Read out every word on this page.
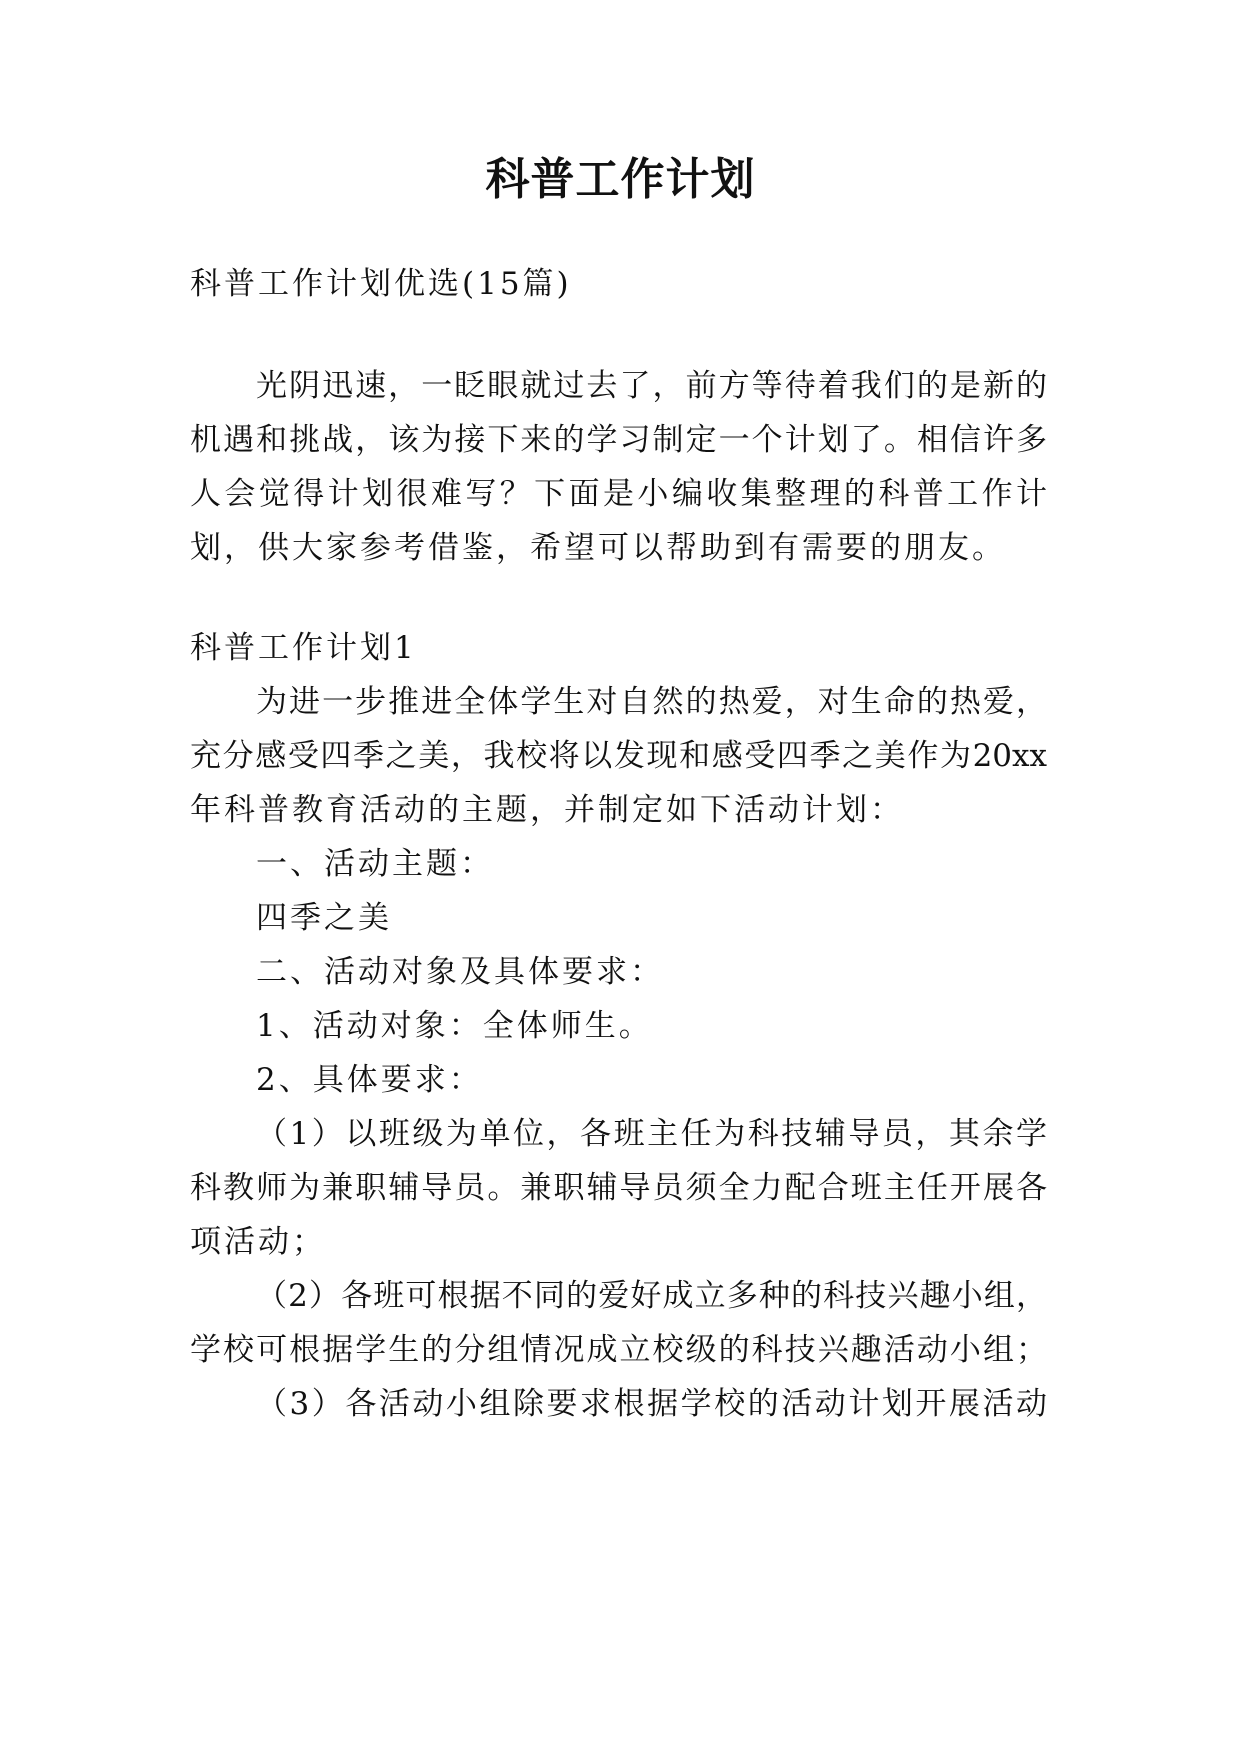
科普工作计划
科普工作计划优选(15篇)
光阴迅速，一眨眼就过去了，前方等待着我们的是新的
机遇和挑战，该为接下来的学习制定一个计划了。相信许多
人会觉得计划很难写？下面是小编收集整理的科普工作计
划，供大家参考借鉴，希望可以帮助到有需要的朋友。
科普工作计划1
为进一步推进全体学生对自然的热爱，对生命的热爱，
充分感受四季之美，我校将以发现和感受四季之美作为20xx
年科普教育活动的主题，并制定如下活动计划：
一、活动主题：
四季之美
二、活动对象及具体要求：
1、活动对象：全体师生。
2、具体要求：
（1）以班级为单位，各班主任为科技辅导员，其余学
科教师为兼职辅导员。兼职辅导员须全力配合班主任开展各
项活动；
（2）各班可根据不同的爱好成立多种的科技兴趣小组，
学校可根据学生的分组情况成立校级的科技兴趣活动小组；
（3）各活动小组除要求根据学校的活动计划开展活动
